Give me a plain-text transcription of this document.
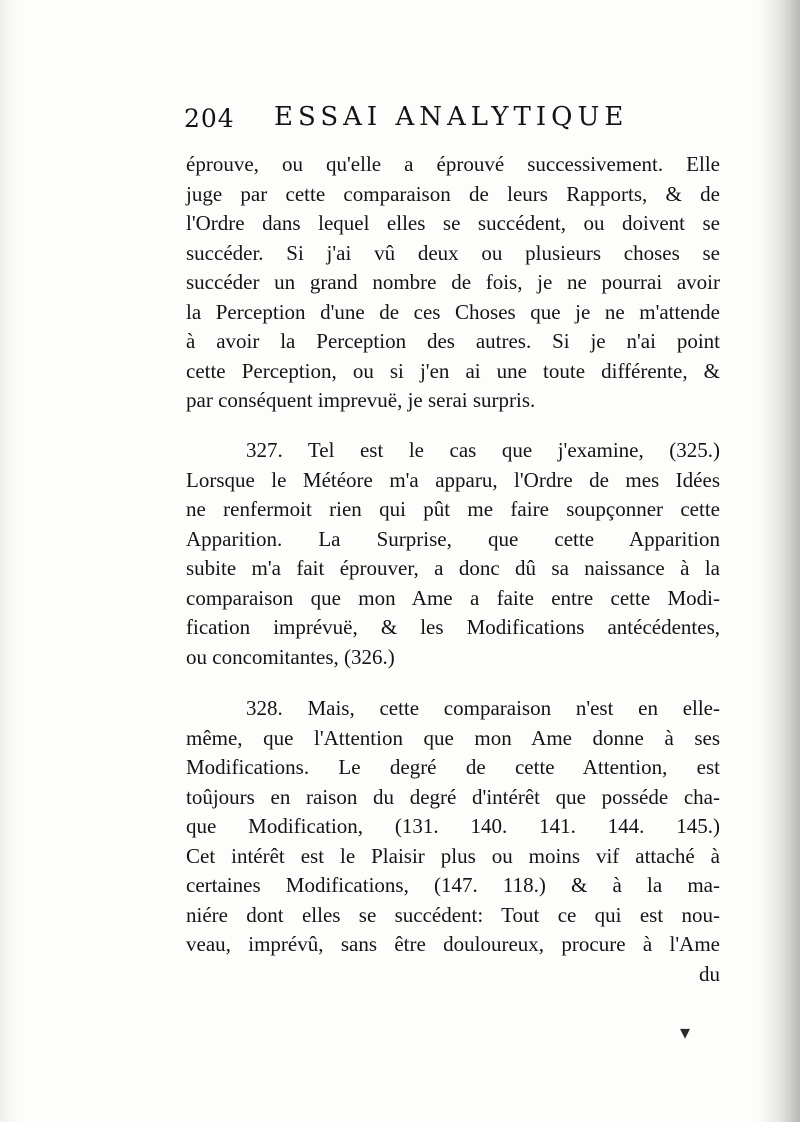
204 ESSAI ANALYTIQUE
éprouve, ou qu'elle a éprouvé successivement. Elle
juge par cette comparaison de leurs Rapports, & de
l'Ordre dans lequel elles se succédent, ou doivent se
succéder. Si j'ai vû deux ou plusieurs choses se
succéder un grand nombre de fois, je ne pourrai avoir
la Perception d'une de ces Choses que je ne m'attende
à avoir la Perception des autres. Si je n'ai point
cette Perception, ou si j'en ai une toute différente, &
par conséquent imprevuë, je serai surpris.
327. Tel est le cas que j'examine, (325.)
Lorsque le Météore m'a apparu, l'Ordre de mes Idées
ne renfermoit rien qui pût me faire soupçonner cette
Apparition. La Surprise, que cette Apparition
subite m'a fait éprouver, a donc dû sa naissance à la
comparaison que mon Ame a faite entre cette Modi-
fication imprévuë, & les Modifications antécédentes,
ou concomitantes, (326.)
328. Mais, cette comparaison n'est en elle-
même, que l'Attention que mon Ame donne à ses
Modifications. Le degré de cette Attention, est
toûjours en raison du degré d'intérêt que posséde cha-
que Modification, (131. 140. 141. 144. 145.)
Cet intérêt est le Plaisir plus ou moins vif attaché à
certaines Modifications, (147. 118.) & à la ma-
niére dont elles se succédent: Tout ce qui est nou-
veau, imprévû, sans être douloureux, procure à l'Ame
du
▾
